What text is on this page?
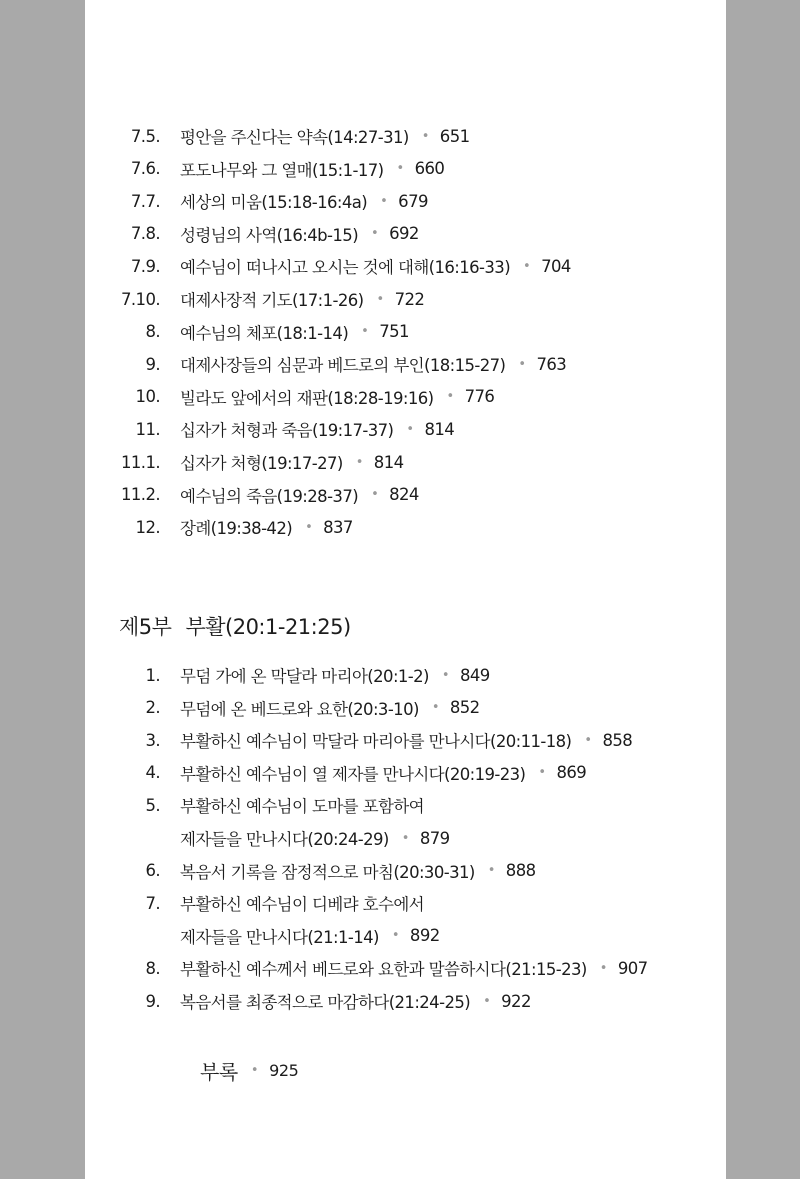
7.5.	평안을 주신다는 약속(14:27-31) • 651
7.6.	포도나무와 그 열매(15:1-17) • 660
7.7.	세상의 미움(15:18-16:4a) • 679
7.8.	성령님의 사역(16:4b-15) • 692
7.9.	예수님이 떠나시고 오시는 것에 대해(16:16-33) • 704
7.10.	대제사장적 기도(17:1-26) • 722
8.	예수님의 체포(18:1-14) • 751
9.	대제사장들의 심문과 베드로의 부인(18:15-27) • 763
10.	빌라도 앞에서의 재판(18:28-19:16) • 776
11.	십자가 처형과 죽음(19:17-37) • 814
11.1.	십자가 처형(19:17-27) • 814
11.2.	예수님의 죽음(19:28-37) • 824
12.	장례(19:38-42) • 837
제5부 부활(20:1-21:25)
1.	무덤 가에 온 막달라 마리아(20:1-2) • 849
2.	무덤에 온 베드로와 요한(20:3-10) • 852
3.	부활하신 예수님이 막달라 마리아를 만나시다(20:11-18) • 858
4.	부활하신 예수님이 열 제자를 만나시다(20:19-23) • 869
5.	부활하신 예수님이 도마를 포함하여
제자들을 만나시다(20:24-29) • 879
6.	복음서 기록을 잠정적으로 마침(20:30-31) • 888
7.	부활하신 예수님이 디베랴 호수에서
제자들을 만나시다(21:1-14) • 892
8.	부활하신 예수께서 베드로와 요한과 말씀하시다(21:15-23) • 907
9.	복음서를 최종적으로 마감하다(21:24-25) • 922
부록 • 925
